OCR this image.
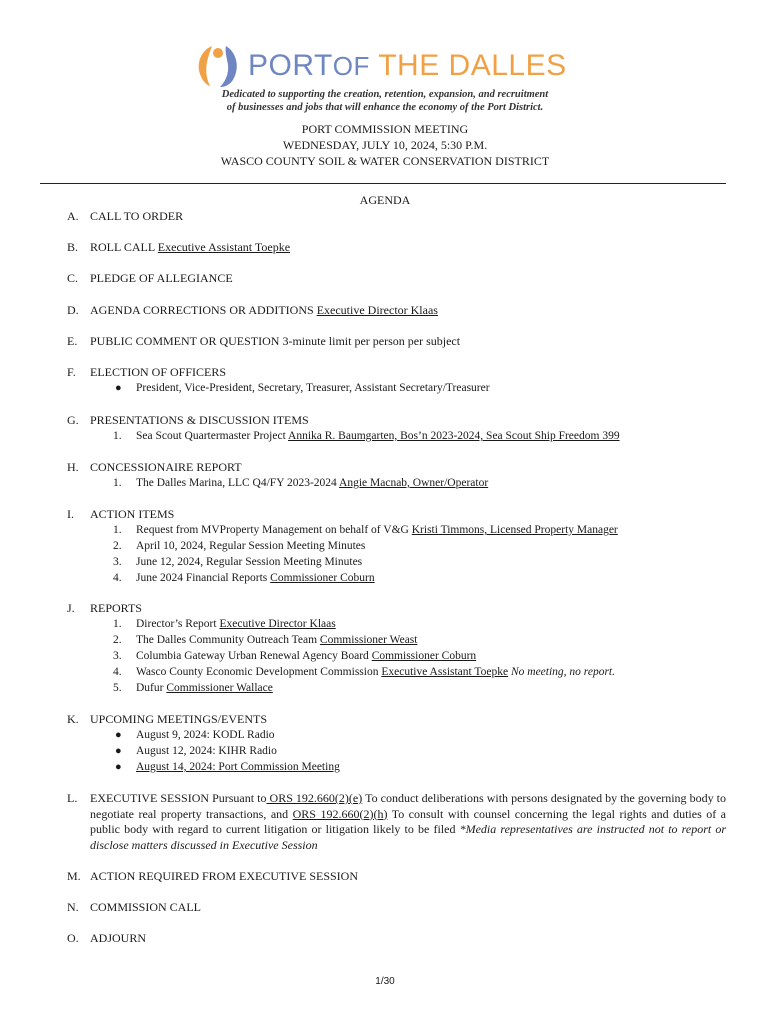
PORTOF THE DALLES
Dedicated to supporting the creation, retention, expansion, and recruitment
of businesses and jobs that will enhance the economy of the Port District.
PORT COMMISSION MEETING
WEDNESDAY, JULY 10, 2024, 5:30 P.M.
WASCO COUNTY SOIL & WATER CONSERVATION DISTRICT
AGENDA
A. CALL TO ORDER
B. ROLL CALL Executive Assistant Toepke
C. PLEDGE OF ALLEGIANCE
D. AGENDA CORRECTIONS OR ADDITIONS Executive Director Klaas
E.	PUBLIC COMMENT OR QUESTION 3-minute limit per person per subject
F.	ELECTION OF OFFICERS
● President, Vice-President, Secretary, Treasurer, Assistant Secretary/Treasurer
G. PRESENTATIONS & DISCUSSION ITEMS
1.	Sea Scout Quartermaster Project Annika R. Baumgarten, Bos’n 2023-2024, Sea Scout Ship Freedom 399
H. CONCESSIONAIRE REPORT
1.	The Dalles Marina, LLC Q4/FY 2023-2024 Angie Macnab, Owner/Operator
I.	ACTION ITEMS
1.	Request from MVProperty Management on behalf of V&G Kristi Timmons, Licensed Property Manager
2.	April 10, 2024, Regular Session Meeting Minutes
3.	June 12, 2024, Regular Session Meeting Minutes
4.	June 2024 Financial Reports Commissioner Coburn
J.	REPORTS
1.	Director’s Report Executive Director Klaas
2.	The Dalles Community Outreach Team Commissioner Weast
3.	Columbia Gateway Urban Renewal Agency Board Commissioner Coburn
4.	Wasco County Economic Development Commission Executive Assistant Toepke No meeting, no report.
5.	Dufur Commissioner Wallace
K. UPCOMING MEETINGS/EVENTS
● August 9, 2024: KODL Radio
● August 12, 2024: KIHR Radio
● August 14, 2024: Port Commission Meeting
L.	EXECUTIVE SESSION Pursuant to ORS 192.660(2)(e) To conduct deliberations with persons designated by the governing body to negotiate real property transactions, and ORS 192.660(2)(h) To consult with counsel concerning the legal rights and duties of a public body with regard to current litigation or litigation likely to be filed *Media representatives are instructed not to report or disclose matters discussed in Executive Session
M. ACTION REQUIRED FROM EXECUTIVE SESSION
N. COMMISSION CALL
O. ADJOURN
1/30
